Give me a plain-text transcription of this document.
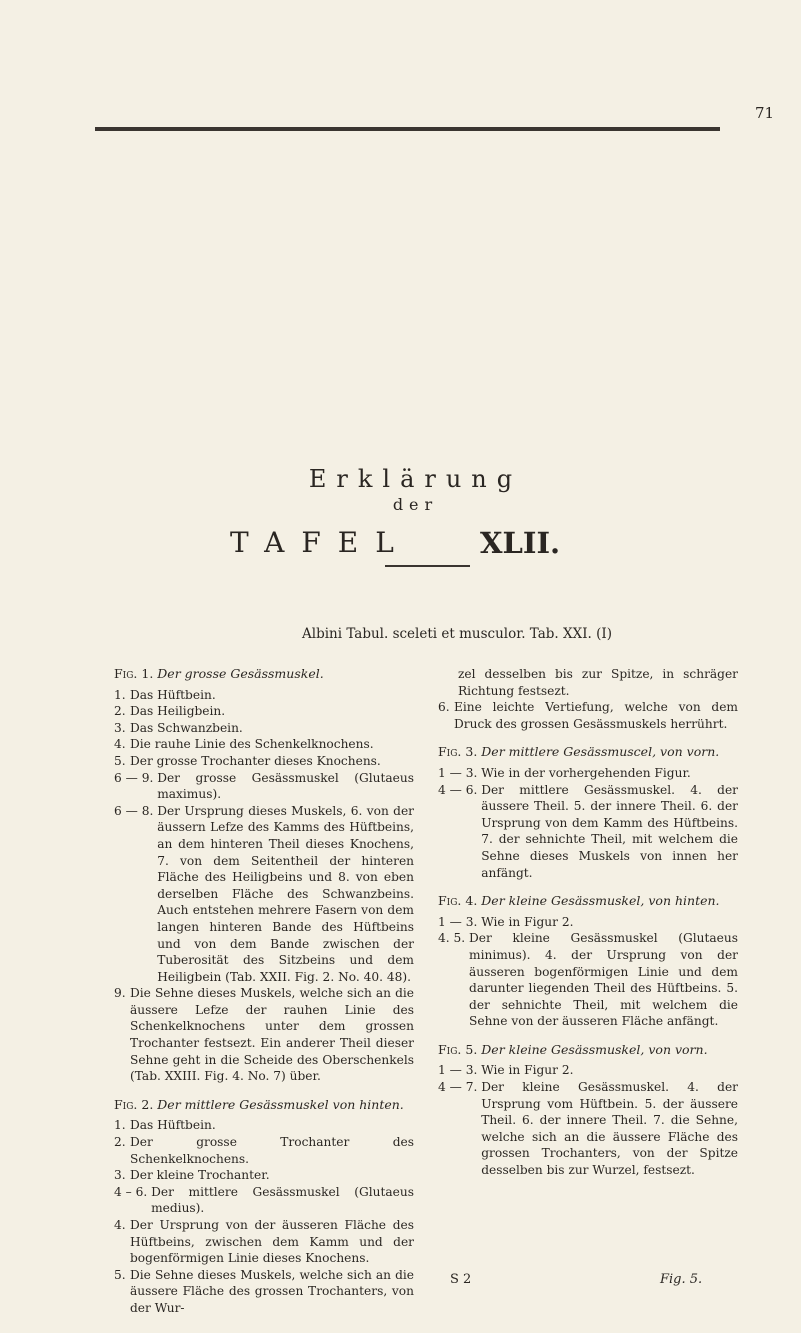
71
Erklärung
der
TAFEL XLII.
Albini Tabul. sceleti et musculor. Tab. XXI. (I)
Fig. 1. Der grosse Gesässmuskel.
1. Das Hüftbein.
2. Das Heiligbein.
3. Das Schwanzbein.
4. Die rauhe Linie des Schenkelknochens.
5. Der grosse Trochanter dieses Knochens.
6 — 9. Der grosse Gesässmuskel (Glutaeus maximus).
6 — 8. Der Ursprung dieses Muskels, 6. von der äussern Lefze des Kamms des Hüftbeins, an dem hinteren Theil dieses Knochens, 7. von dem Seitentheil der hinteren Fläche des Heiligbeins und 8. von eben derselben Fläche des Schwanzbeins. Auch entstehen mehrere Fasern von dem langen hinteren Bande des Hüftbeins und von dem Bande zwischen der Tuberosität des Sitzbeins und dem Heiligbein (Tab. XXII. Fig. 2. No. 40. 48).
9. Die Sehne dieses Muskels, welche sich an die äussere Lefze der rauhen Linie des Schenkelknochens unter dem grossen Trochanter festsezt. Ein anderer Theil dieser Sehne geht in die Scheide des Oberschenkels (Tab. XXIII. Fig. 4. No. 7) über.
Fig. 2. Der mittlere Gesässmuskel von hinten.
1. Das Hüftbein.
2. Der grosse Trochanter des Schenkelknochens.
3. Der kleine Trochanter.
4 – 6. Der mittlere Gesässmuskel (Glutaeus medius).
4. Der Ursprung von der äusseren Fläche des Hüftbeins, zwischen dem Kamm und der bogenförmigen Linie dieses Knochens.
5. Die Sehne dieses Muskels, welche sich an die äussere Fläche des grossen Trochanters, von der Wur-
zel desselben bis zur Spitze, in schräger Richtung festsezt.
6. Eine leichte Vertiefung, welche von dem Druck des grossen Gesässmuskels herrührt.
Fig. 3. Der mittlere Gesässmuscel, von vorn.
1 — 3. Wie in der vorhergehenden Figur.
4 — 6. Der mittlere Gesässmuskel. 4. der äussere Theil. 5. der innere Theil. 6. der Ursprung von dem Kamm des Hüftbeins. 7. der sehnichte Theil, mit welchem die Sehne dieses Muskels von innen her anfängt.
Fig. 4. Der kleine Gesässmuskel, von hinten.
1 — 3. Wie in Figur 2.
4. 5. Der kleine Gesässmuskel (Glutaeus minimus). 4. der Ursprung von der äusseren bogenförmigen Linie und dem darunter liegenden Theil des Hüftbeins. 5. der sehnichte Theil, mit welchem die Sehne von der äusseren Fläche anfängt.
Fig. 5. Der kleine Gesässmuskel, von vorn.
1 — 3. Wie in Figur 2.
4 — 7. Der kleine Gesässmuskel. 4. der Ursprung vom Hüftbein. 5. der äussere Theil. 6. der innere Theil. 7. die Sehne, welche sich an die äussere Fläche des grossen Trochanters, von der Spitze desselben bis zur Wurzel, festsezt.
S 2	Fig. 5.
